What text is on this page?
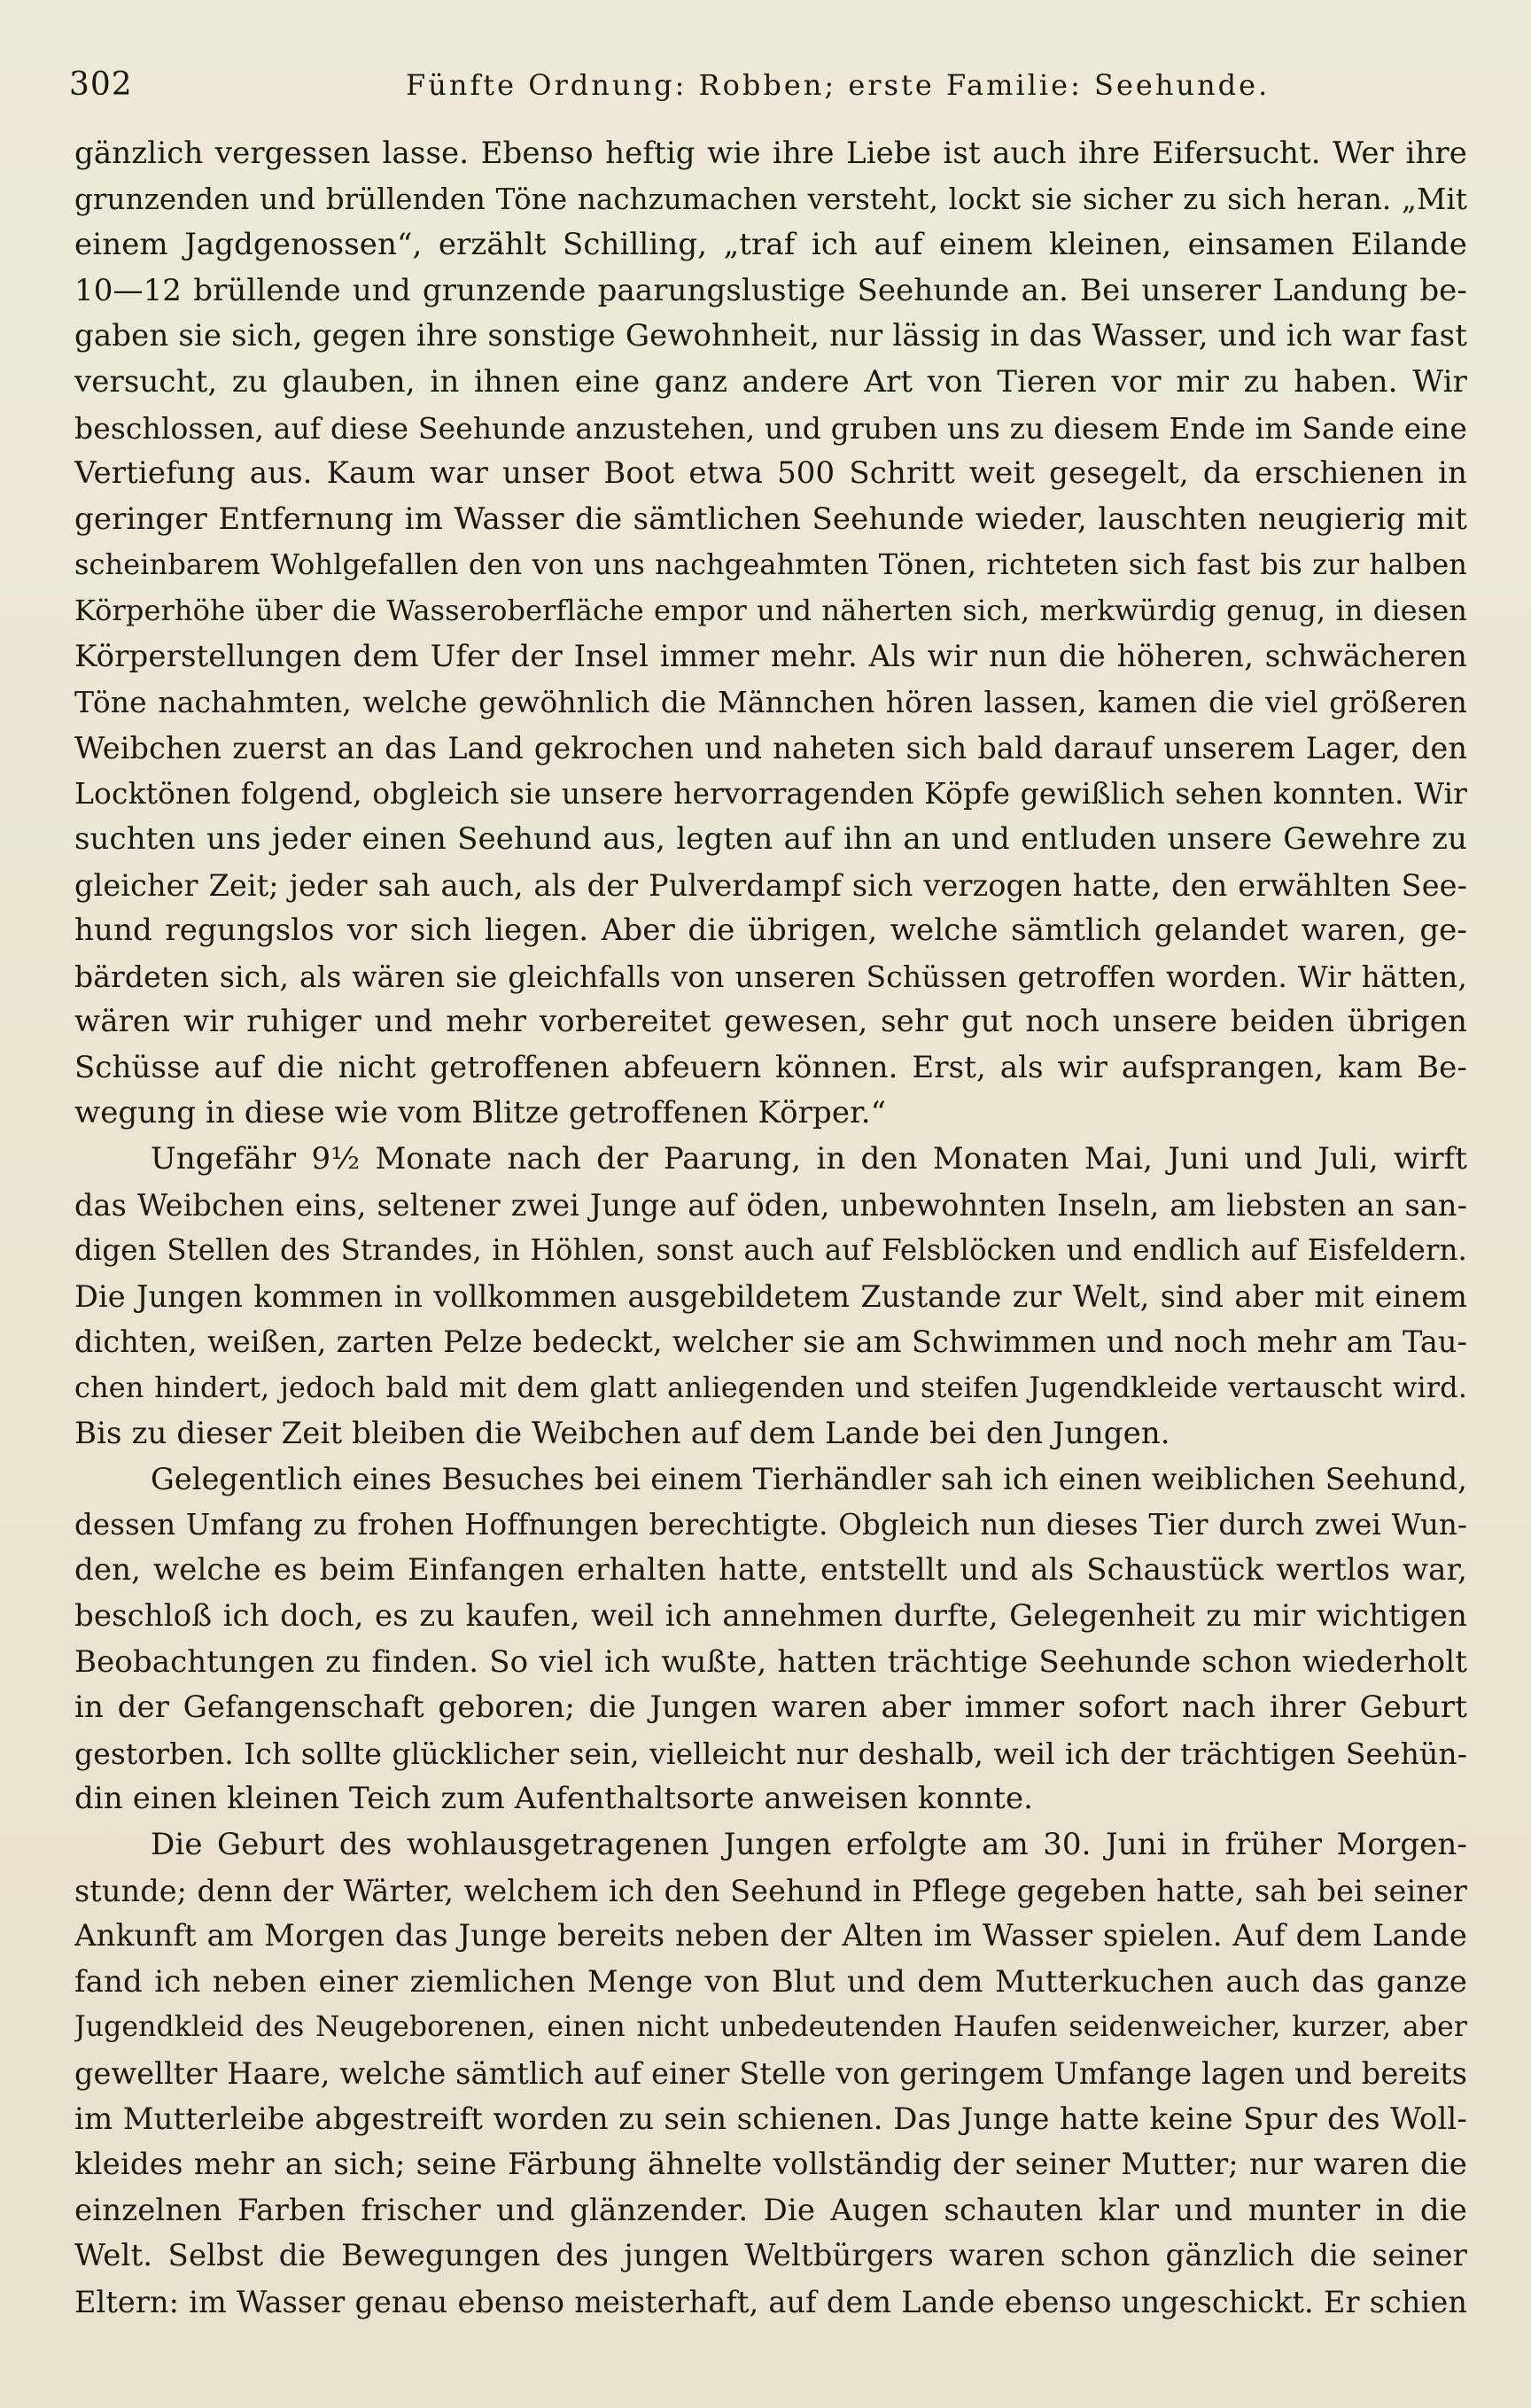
302	Fünfte Ordnung: Robben; erste Familie: Seehunde.
gänzlich vergessen lasse. Ebenso heftig wie ihre Liebe ist auch ihre Eifersucht. Wer ihre
grunzenden und brüllenden Töne nachzumachen versteht, lockt sie sicher zu sich heran. „Mit
einem Jagdgenossen“, erzählt Schilling, „traf ich auf einem kleinen, einsamen Eilande
10—12 brüllende und grunzende paarungslustige Seehunde an. Bei unserer Landung be-
gaben sie sich, gegen ihre sonstige Gewohnheit, nur lässig in das Wasser, und ich war fast
versucht, zu glauben, in ihnen eine ganz andere Art von Tieren vor mir zu haben. Wir
beschlossen, auf diese Seehunde anzustehen, und gruben uns zu diesem Ende im Sande eine
Vertiefung aus. Kaum war unser Boot etwa 500 Schritt weit gesegelt, da erschienen in
geringer Entfernung im Wasser die sämtlichen Seehunde wieder, lauschten neugierig mit
scheinbarem Wohlgefallen den von uns nachgeahmten Tönen, richteten sich fast bis zur halben
Körperhöhe über die Wasseroberfläche empor und näherten sich, merkwürdig genug, in diesen
Körperstellungen dem Ufer der Insel immer mehr. Als wir nun die höheren, schwächeren
Töne nachahmten, welche gewöhnlich die Männchen hören lassen, kamen die viel größeren
Weibchen zuerst an das Land gekrochen und naheten sich bald darauf unserem Lager, den
Locktönen folgend, obgleich sie unsere hervorragenden Köpfe gewißlich sehen konnten. Wir
suchten uns jeder einen Seehund aus, legten auf ihn an und entluden unsere Gewehre zu
gleicher Zeit; jeder sah auch, als der Pulverdampf sich verzogen hatte, den erwählten See-
hund regungslos vor sich liegen. Aber die übrigen, welche sämtlich gelandet waren, ge-
bärdeten sich, als wären sie gleichfalls von unseren Schüssen getroffen worden. Wir hätten,
wären wir ruhiger und mehr vorbereitet gewesen, sehr gut noch unsere beiden übrigen
Schüsse auf die nicht getroffenen abfeuern können. Erst, als wir aufsprangen, kam Be-
wegung in diese wie vom Blitze getroffenen Körper.“
Ungefähr 9½ Monate nach der Paarung, in den Monaten Mai, Juni und Juli, wirft
das Weibchen eins, seltener zwei Junge auf öden, unbewohnten Inseln, am liebsten an san-
digen Stellen des Strandes, in Höhlen, sonst auch auf Felsblöcken und endlich auf Eisfeldern.
Die Jungen kommen in vollkommen ausgebildetem Zustande zur Welt, sind aber mit einem
dichten, weißen, zarten Pelze bedeckt, welcher sie am Schwimmen und noch mehr am Tau-
chen hindert, jedoch bald mit dem glatt anliegenden und steifen Jugendkleide vertauscht wird.
Bis zu dieser Zeit bleiben die Weibchen auf dem Lande bei den Jungen.
Gelegentlich eines Besuches bei einem Tierhändler sah ich einen weiblichen Seehund,
dessen Umfang zu frohen Hoffnungen berechtigte. Obgleich nun dieses Tier durch zwei Wun-
den, welche es beim Einfangen erhalten hatte, entstellt und als Schaustück wertlos war,
beschloß ich doch, es zu kaufen, weil ich annehmen durfte, Gelegenheit zu mir wichtigen
Beobachtungen zu finden. So viel ich wußte, hatten trächtige Seehunde schon wiederholt
in der Gefangenschaft geboren; die Jungen waren aber immer sofort nach ihrer Geburt
gestorben. Ich sollte glücklicher sein, vielleicht nur deshalb, weil ich der trächtigen Seehün-
din einen kleinen Teich zum Aufenthaltsorte anweisen konnte.
Die Geburt des wohlausgetragenen Jungen erfolgte am 30. Juni in früher Morgen-
stunde; denn der Wärter, welchem ich den Seehund in Pflege gegeben hatte, sah bei seiner
Ankunft am Morgen das Junge bereits neben der Alten im Wasser spielen. Auf dem Lande
fand ich neben einer ziemlichen Menge von Blut und dem Mutterkuchen auch das ganze
Jugendkleid des Neugeborenen, einen nicht unbedeutenden Haufen seidenweicher, kurzer, aber
gewellter Haare, welche sämtlich auf einer Stelle von geringem Umfange lagen und bereits
im Mutterleibe abgestreift worden zu sein schienen. Das Junge hatte keine Spur des Woll-
kleides mehr an sich; seine Färbung ähnelte vollständig der seiner Mutter; nur waren die
einzelnen Farben frischer und glänzender. Die Augen schauten klar und munter in die
Welt. Selbst die Bewegungen des jungen Weltbürgers waren schon gänzlich die seiner
Eltern: im Wasser genau ebenso meisterhaft, auf dem Lande ebenso ungeschickt. Er schien
